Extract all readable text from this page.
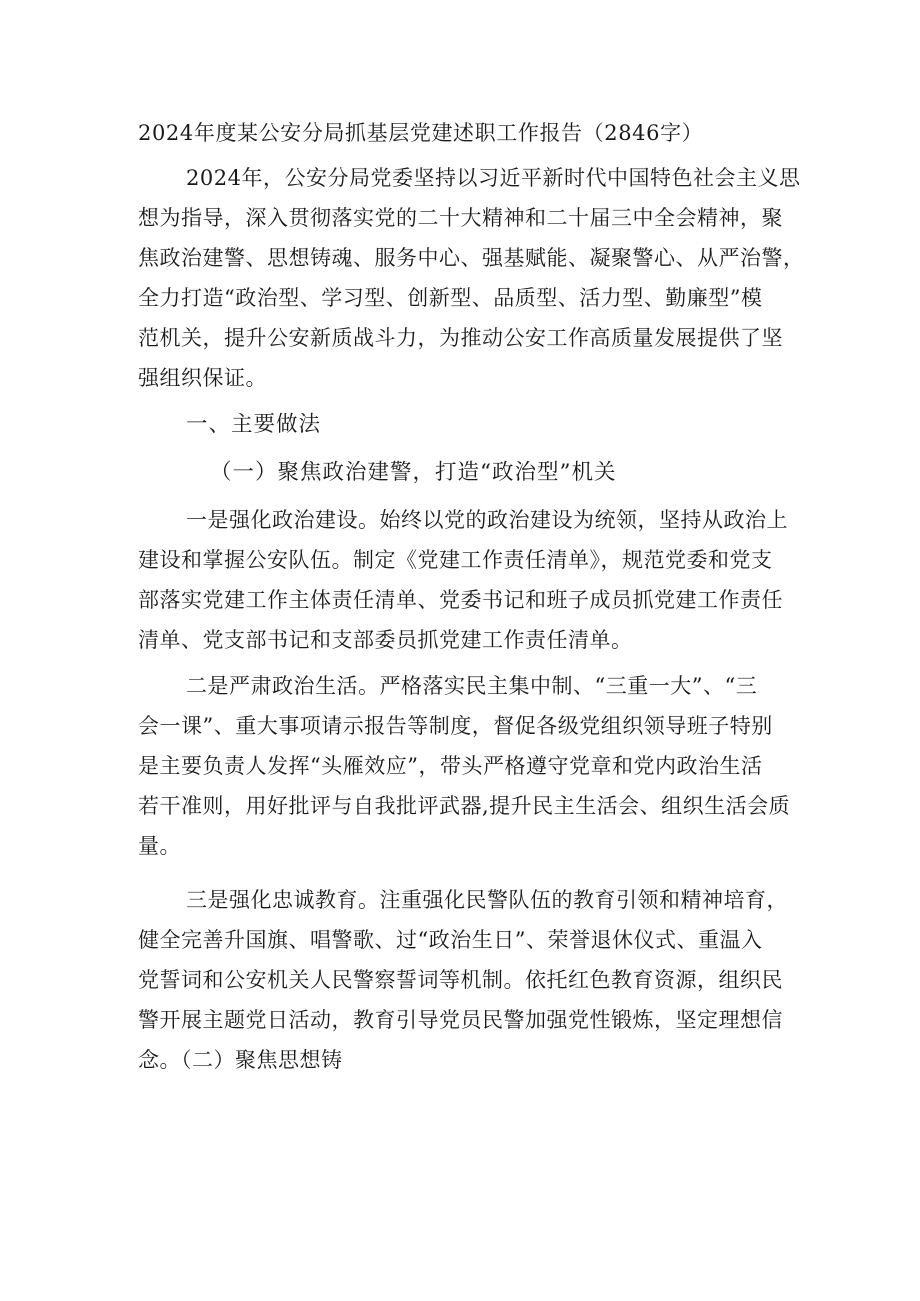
2024年度某公安分局抓基层党建述职工作报告（2846字）
2024年，公安分局党委坚持以习近平新时代中国特色社会主义思
想为指导，深入贯彻落实党的二十大精神和二十届三中全会精神，聚
焦政治建警、思想铸魂、服务中心、强基赋能、凝聚警心、从严治警，
全力打造“政治型、学习型、创新型、品质型、活力型、勤廉型”模
范机关，提升公安新质战斗力，为推动公安工作高质量发展提供了坚
强组织保证。
一、主要做法
（一）聚焦政治建警，打造“政治型”机关
一是强化政治建设。始终以党的政治建设为统领，坚持从政治上
建设和掌握公安队伍。制定《党建工作责任清单》，规范党委和党支
部落实党建工作主体责任清单、党委书记和班子成员抓党建工作责任
清单、党支部书记和支部委员抓党建工作责任清单。
二是严肃政治生活。严格落实民主集中制、“三重一大”、“三
会一课”、重大事项请示报告等制度，督促各级党组织领导班子特别
是主要负责人发挥“头雁效应”，带头严格遵守党章和党内政治生活
若干准则，用好批评与自我批评武器,提升民主生活会、组织生活会质
量。
三是强化忠诚教育。注重强化民警队伍的教育引领和精神培育，
健全完善升国旗、唱警歌、过“政治生日”、荣誉退休仪式、重温入
党誓词和公安机关人民警察誓词等机制。依托红色教育资源，组织民
警开展主题党日活动，教育引导党员民警加强党性锻炼，坚定理想信
念。（二）聚焦思想铸
